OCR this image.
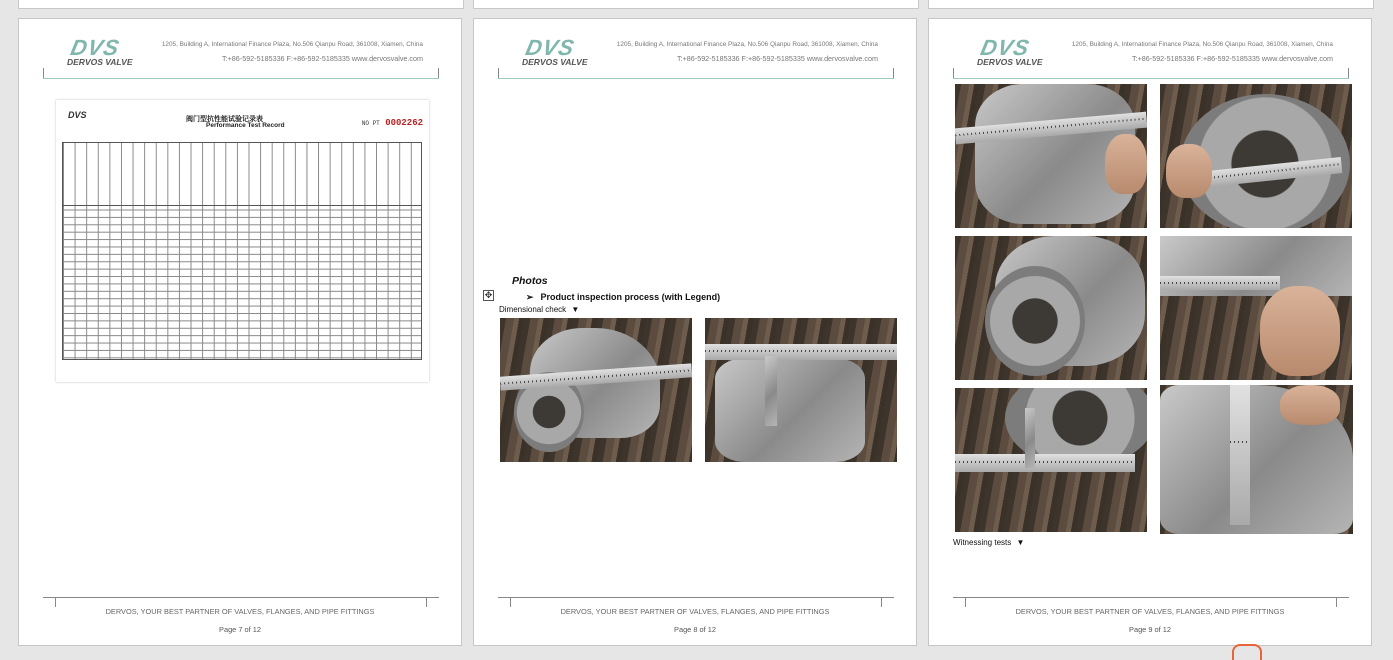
DVS
DERVOS VALVE
1205, Building A, International Finance Plaza, No.506 Qianpu Road, 361008, Xiamen, China
T:+86-592-5185336 F:+86-592-5185335 www.dervosvalve.com
DVS	阀门型抗性能试验记录表
Performance Test Record	NO PT 0002262
DERVOS, YOUR BEST PARTNER OF VALVES, FLANGES, AND PIPE FITTINGS
Page 7 of 12
DVS
DERVOS VALVE
1205, Building A, International Finance Plaza, No.506 Qianpu Road, 361008, Xiamen, China
T:+86-592-5185336 F:+86-592-5185335 www.dervosvalve.com
Photos
✥	➢ Product inspection process (with Legend)
Dimensional check ▼
DERVOS, YOUR BEST PARTNER OF VALVES, FLANGES, AND PIPE FITTINGS
Page 8 of 12
DVS
DERVOS VALVE
1205, Building A, International Finance Plaza, No.506 Qianpu Road, 361008, Xiamen, China
T:+86-592-5185336 F:+86-592-5185335 www.dervosvalve.com
Witnessing tests ▼
DERVOS, YOUR BEST PARTNER OF VALVES, FLANGES, AND PIPE FITTINGS
Page 9 of 12
